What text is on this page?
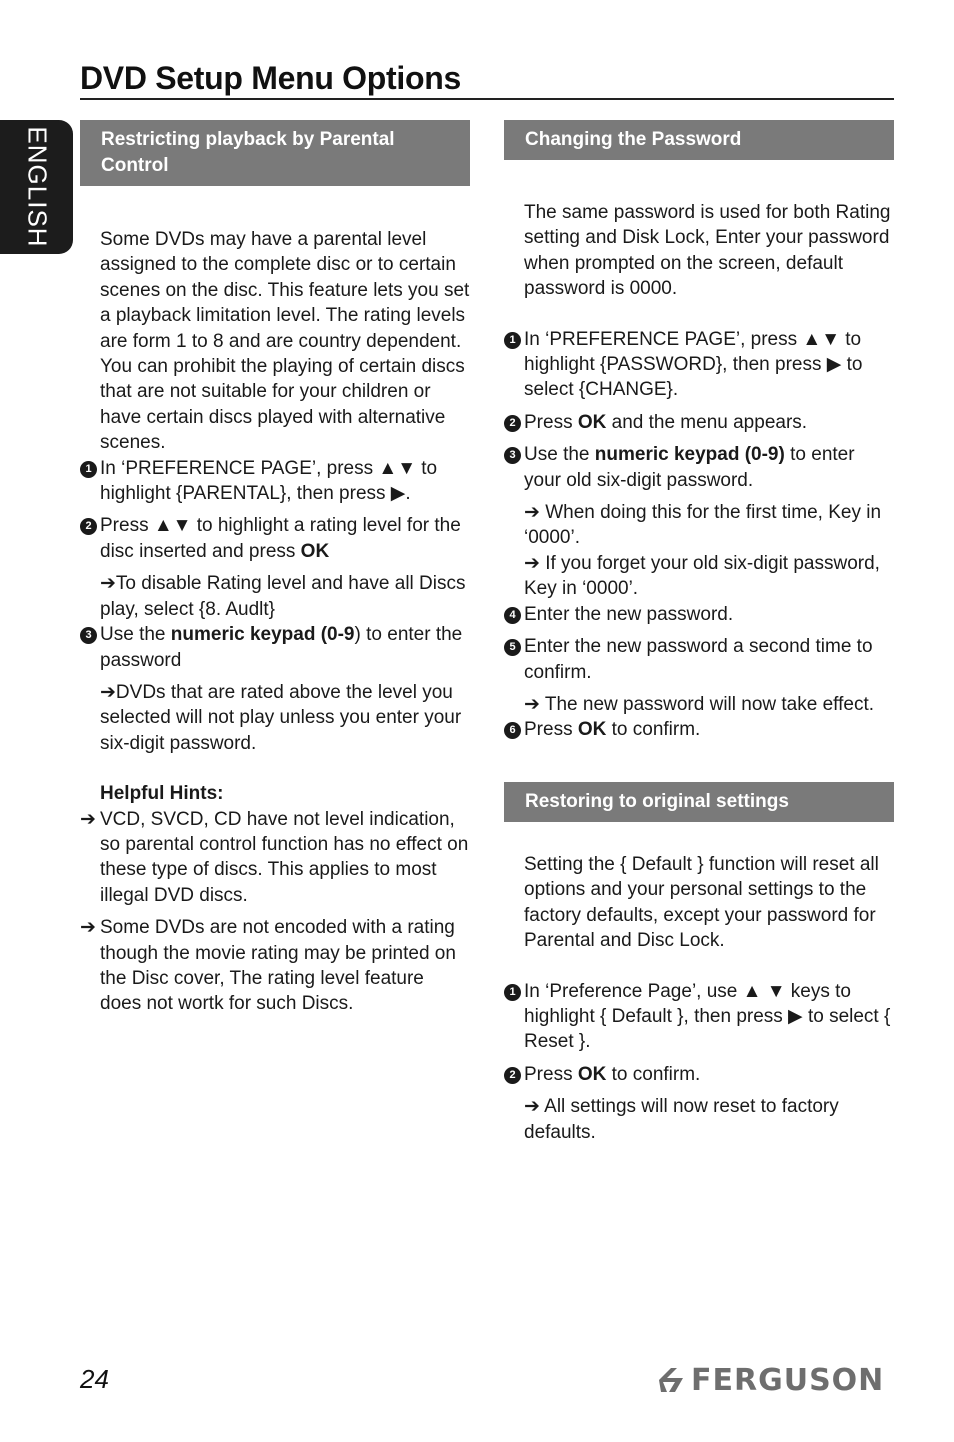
DVD Setup Menu Options
ENGLISH	Restricting playback by Parental Control

Some DVDs may have a parental level assigned to the complete disc or to certain scenes on the disc. This feature lets you set a playback limitation level. The rating levels are form 1 to 8 and are country dependent. You can prohibit the playing of certain discs that are not suitable for your children or have certain discs played with alternative scenes.

1 In ‘PREFERENCE PAGE’, press ▲▼ to highlight {PARENTAL}, then press ▶.

2 Press ▲▼ to highlight a rating level for the disc inserted and press OK

➔To disable Rating level and have all Discs play, select {8. Audlt}

3 Use the numeric keypad (0-9) to enter the password

➔DVDs that are rated above the level you selected will not play unless you enter your six-digit password.

Helpful Hints:

➔ VCD, SVCD, CD have not level indication, so parental control function has no effect on these type of discs. This applies to most illegal DVD discs.

➔ Some DVDs are not encoded with a rating though the movie rating may be printed on the Disc cover, The rating level feature does not wortk for such Discs.

Changing the Password

The same password is used for both Rating setting and Disk Lock, Enter your password when prompted on the screen, default password is 0000.

1 In ‘PREFERENCE PAGE’, press ▲▼ to highlight {PASSWORD}, then press ▶ to select {CHANGE}.

2 Press OK and the menu appears.

3 Use the numeric keypad (0-9) to enter your old six-digit password.

➔ When doing this for the first time, Key in ‘0000’.

➔ If you forget your old six-digit password, Key in ‘0000’.

4 Enter the new password.

5 Enter the new password a second time to confirm.

➔ The new password will now take effect.

6 Press OK to confirm.

Restoring to original settings

Setting the { Default } function will reset all options and your personal settings to the factory defaults, except your password for Parental and Disc Lock.

1 In ‘Preference Page’, use ▲ ▼ keys to highlight { Default }, then press ▶ to select { Reset }.

2 Press OK to confirm.

➔ All settings will now reset to factory defaults.

24	FERGUSON
